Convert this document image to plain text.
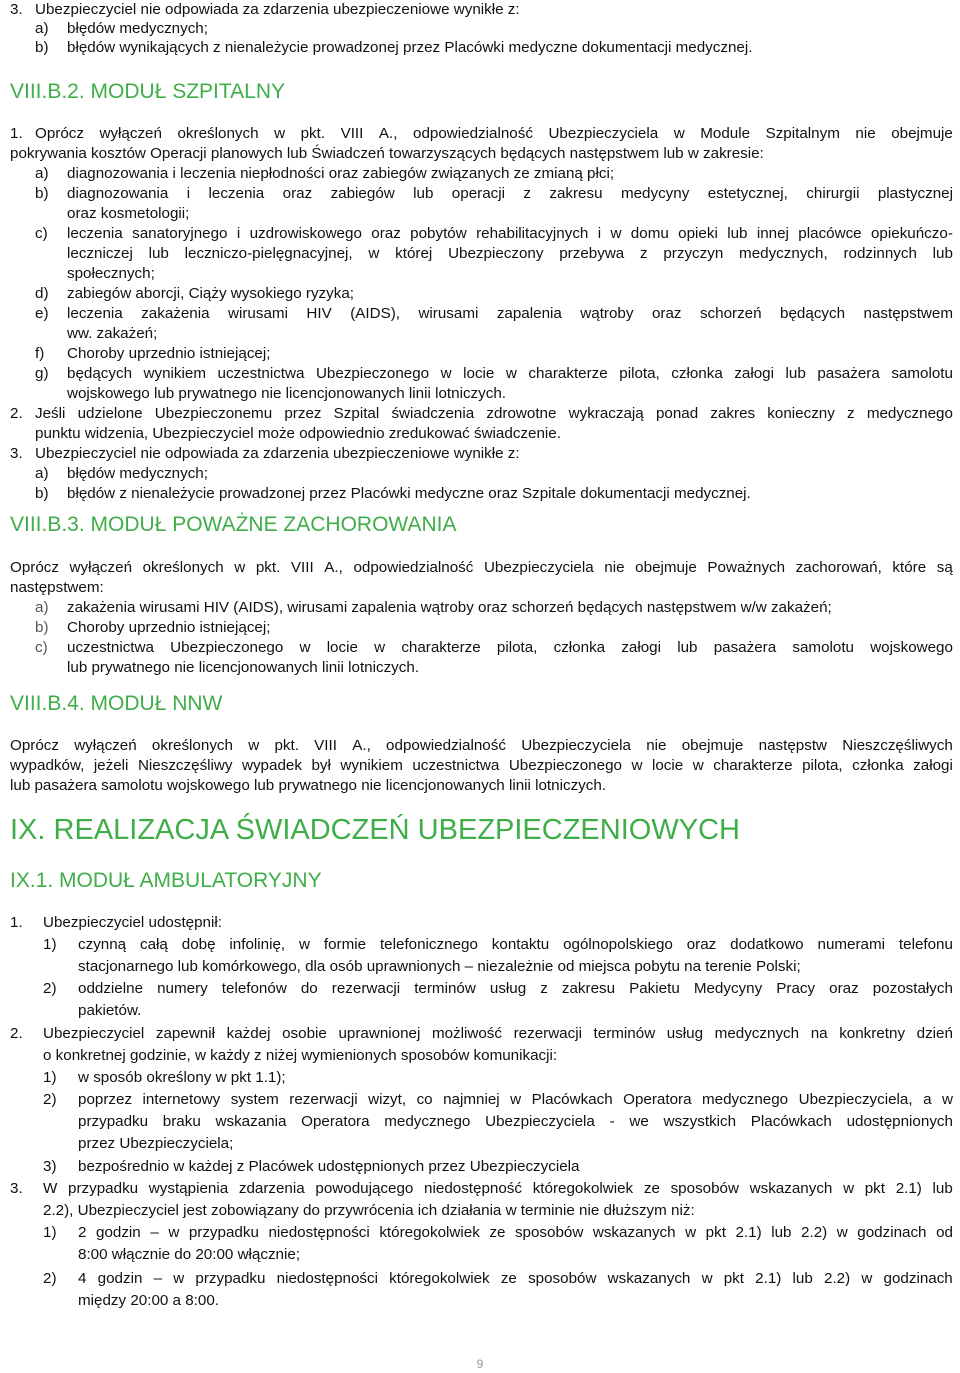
3. Ubezpieczyciel nie odpowiada za zdarzenia ubezpieczeniowe wynikłe z:
a) błędów medycznych;
b) błędów wynikających z nienależycie prowadzonej przez Placówki medyczne dokumentacji medycznej.
VIII.B.2. MODUŁ SZPITALNY
1. Oprócz wyłączeń określonych w pkt. VIII A., odpowiedzialność Ubezpieczyciela w Module Szpitalnym nie obejmuje
pokrywania kosztów Operacji planowych lub Świadczeń towarzyszących będących następstwem lub w zakresie:
a) diagnozowania i leczenia niepłodności oraz zabiegów związanych ze zmianą płci;
b) diagnozowania i leczenia oraz zabiegów lub operacji z zakresu medycyny estetycznej, chirurgii plastycznej
oraz kosmetologii;
c) leczenia sanatoryjnego i uzdrowiskowego oraz pobytów rehabilitacyjnych i w domu opieki lub innej placówce opiekuńczo-
leczniczej lub leczniczo-pielęgnacyjnej, w której Ubezpieczony przebywa z przyczyn medycznych, rodzinnych lub
społecznych;
d) zabiegów aborcji, Ciąży wysokiego ryzyka;
e) leczenia zakażenia wirusami HIV (AIDS), wirusami zapalenia wątroby oraz schorzeń będących następstwem
ww. zakażeń;
f) Choroby uprzednio istniejącej;
g) będących wynikiem uczestnictwa Ubezpieczonego w locie w charakterze pilota, członka załogi lub pasażera samolotu
wojskowego lub prywatnego nie licencjonowanych linii lotniczych.
2. Jeśli udzielone Ubezpieczonemu przez Szpital świadczenia zdrowotne wykraczają ponad zakres konieczny z medycznego
punktu widzenia, Ubezpieczyciel może odpowiednio zredukować świadczenie.
3. Ubezpieczyciel nie odpowiada za zdarzenia ubezpieczeniowe wynikłe z:
a) błędów medycznych;
b) błędów z nienależycie prowadzonej przez Placówki medyczne oraz Szpitale dokumentacji medycznej.
VIII.B.3. MODUŁ POWAŻNE ZACHOROWANIA
Oprócz wyłączeń określonych w pkt. VIII A., odpowiedzialność Ubezpieczyciela nie obejmuje Poważnych zachorowań, które są
następstwem:
a) zakażenia wirusami HIV (AIDS), wirusami zapalenia wątroby oraz schorzeń będących następstwem w/w zakażeń;
b) Choroby uprzednio istniejącej;
c) uczestnictwa Ubezpieczonego w locie w charakterze pilota, członka załogi lub pasażera samolotu wojskowego
lub prywatnego nie licencjonowanych linii lotniczych.
VIII.B.4. MODUŁ NNW
Oprócz wyłączeń określonych w pkt. VIII A., odpowiedzialność Ubezpieczyciela nie obejmuje następstw Nieszczęśliwych
wypadków, jeżeli Nieszczęśliwy wypadek był wynikiem uczestnictwa Ubezpieczonego w locie w charakterze pilota, członka załogi
lub pasażera samolotu wojskowego lub prywatnego nie licencjonowanych linii lotniczych.
IX. REALIZACJA ŚWIADCZEŃ UBEZPIECZENIOWYCH
IX.1. MODUŁ AMBULATORYJNY
1. Ubezpieczyciel udostępnił:
1) czynną całą dobę infolinię, w formie telefonicznego kontaktu ogólnopolskiego oraz dodatkowo numerami telefonu
stacjonarnego lub komórkowego, dla osób uprawnionych – niezależnie od miejsca pobytu na terenie Polski;
2) oddzielne numery telefonów do rezerwacji terminów usług z zakresu Pakietu Medycyny Pracy oraz pozostałych
pakietów.
2. Ubezpieczyciel zapewnił każdej osobie uprawnionej możliwość rezerwacji terminów usług medycznych na konkretny dzień
o konkretnej godzinie, w każdy z niżej wymienionych sposobów komunikacji:
1) w sposób określony w pkt 1.1);
2) poprzez internetowy system rezerwacji wizyt, co najmniej w Placówkach Operatora medycznego Ubezpieczyciela, a w
przypadku braku wskazania Operatora medycznego Ubezpieczyciela - we wszystkich Placówkach udostępnionych
przez Ubezpieczyciela;
3) bezpośrednio w każdej z Placówek udostępnionych przez Ubezpieczyciela
3. W przypadku wystąpienia zdarzenia powodującego niedostępność któregokolwiek ze sposobów wskazanych w pkt 2.1) lub
2.2), Ubezpieczyciel jest zobowiązany do przywrócenia ich działania w terminie nie dłuższym niż:
1) 2 godzin – w przypadku niedostępności któregokolwiek ze sposobów wskazanych w pkt 2.1) lub 2.2) w godzinach od
8:00 włącznie do 20:00 włącznie;
2) 4 godzin – w przypadku niedostępności któregokolwiek ze sposobów wskazanych w pkt 2.1) lub 2.2) w godzinach
między 20:00 a 8:00.
9
